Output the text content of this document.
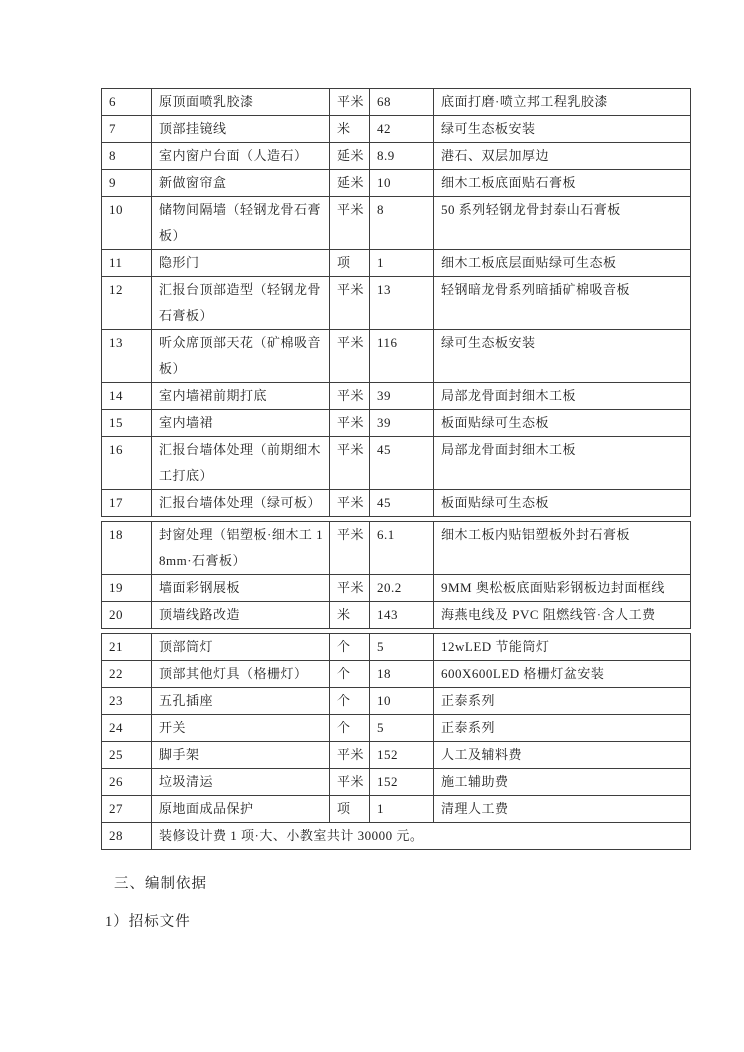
6	原顶面喷乳胶漆	平米	68	底面打磨·喷立邦工程乳胶漆
7	顶部挂镜线	米	42	绿可生态板安装
8	室内窗户台面（人造石）	延米	8.9	港石、双层加厚边
9	新做窗帘盒	延米	10	细木工板底面贴石膏板
10	储物间隔墙（轻钢龙骨石膏板）	平米	8	50 系列轻钢龙骨封泰山石膏板
11	隐形门	项	1	细木工板底层面贴绿可生态板
12	汇报台顶部造型（轻钢龙骨石膏板）	平米	13	轻钢暗龙骨系列暗插矿棉吸音板
13	听众席顶部天花（矿棉吸音板）	平米	116	绿可生态板安装
14	室内墙裙前期打底	平米	39	局部龙骨面封细木工板
15	室内墙裙	平米	39	板面贴绿可生态板
16	汇报台墙体处理（前期细木工打底）	平米	45	局部龙骨面封细木工板
17	汇报台墙体处理（绿可板）	平米	45	板面贴绿可生态板
18	封窗处理（铝塑板·细木工 18mm·石膏板）	平米	6.1	细木工板内贴铝塑板外封石膏板
19	墙面彩钢展板	平米	20.2	9MM 奥松板底面贴彩钢板边封面框线
20	顶墙线路改造	米	143	海燕电线及 PVC 阻燃线管·含人工费
21	顶部筒灯	个	5	12wLED 节能筒灯
22	顶部其他灯具（格栅灯）	个	18	600X600LED 格栅灯盆安装
23	五孔插座	个	10	正泰系列
24	开关	个	5	正泰系列
25	脚手架	平米	152	人工及辅料费
26	垃圾清运	平米	152	施工辅助费
27	原地面成品保护	项	1	清理人工费
28	装修设计费 1 项·大、小教室共计 30000 元。			
三、编制依据
1）招标文件
